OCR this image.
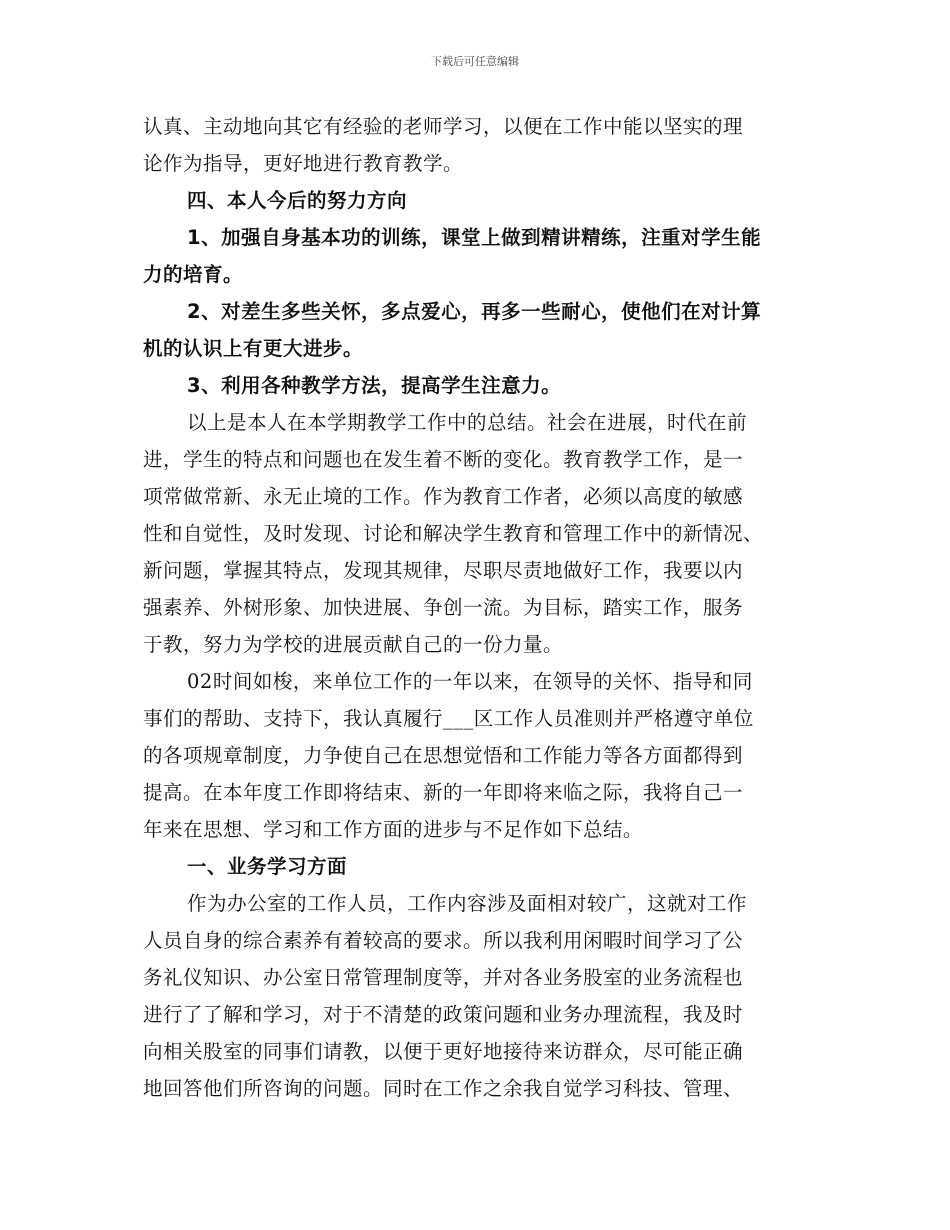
下载后可任意编辑
认真、主动地向其它有经验的老师学习，以便在工作中能以坚实的理
论作为指导，更好地进行教育教学。
四、本人今后的努力方向
1、加强自身基本功的训练，课堂上做到精讲精练，注重对学生能
力的培育。
2、对差生多些关怀，多点爱心，再多一些耐心，使他们在对计算
机的认识上有更大进步。
3、利用各种教学方法，提高学生注意力。
以上是本人在本学期教学工作中的总结。社会在进展，时代在前
进，学生的特点和问题也在发生着不断的变化。教育教学工作，是一
项常做常新、永无止境的工作。作为教育工作者，必须以高度的敏感
性和自觉性，及时发现、讨论和解决学生教育和管理工作中的新情况、
新问题，掌握其特点，发现其规律，尽职尽责地做好工作，我要以内
强素养、外树形象、加快进展、争创一流。为目标，踏实工作，服务
于教，努力为学校的进展贡献自己的一份力量。
02时间如梭，来单位工作的一年以来，在领导的关怀、指导和同
事们的帮助、支持下，我认真履行___区工作人员准则并严格遵守单位
的各项规章制度，力争使自己在思想觉悟和工作能力等各方面都得到
提高。在本年度工作即将结束、新的一年即将来临之际，我将自己一
年来在思想、学习和工作方面的进步与不足作如下总结。
一、业务学习方面
作为办公室的工作人员，工作内容涉及面相对较广，这就对工作
人员自身的综合素养有着较高的要求。所以我利用闲暇时间学习了公
务礼仪知识、办公室日常管理制度等，并对各业务股室的业务流程也
进行了了解和学习，对于不清楚的政策问题和业务办理流程，我及时
向相关股室的同事们请教，以便于更好地接待来访群众，尽可能正确
地回答他们所咨询的问题。同时在工作之余我自觉学习科技、管理、
